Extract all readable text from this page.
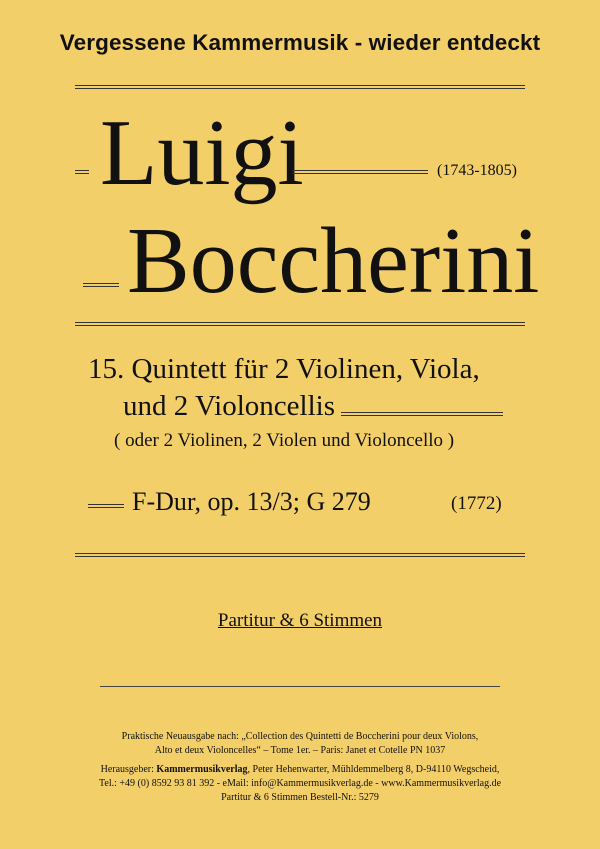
Vergessene Kammermusik - wieder entdeckt
Luigi	(1743-1805)
Boccherini
15. Quintett für 2 Violinen, Viola,
und 2 Violoncellis
( oder 2 Violinen, 2 Violen und Violoncello )
F-Dur, op. 13/3; G 279	(1772)
Partitur & 6 Stimmen
Praktische Neuausgabe nach: „Collection des Quintetti de Boccherini pour deux Violons,
Alto et deux Violoncelles“ – Tome 1er. – Paris: Janet et Cotelle PN 1037
Herausgeber: Kammermusikverlag, Peter Hehenwarter, Mühldemmelberg 8, D-94110 Wegscheid,
Tel.: +49 (0) 8592 93 81 392 - eMail: info@Kammermusikverlag.de - www.Kammermusikverlag.de
Partitur & 6 Stimmen Bestell-Nr.: 5279
